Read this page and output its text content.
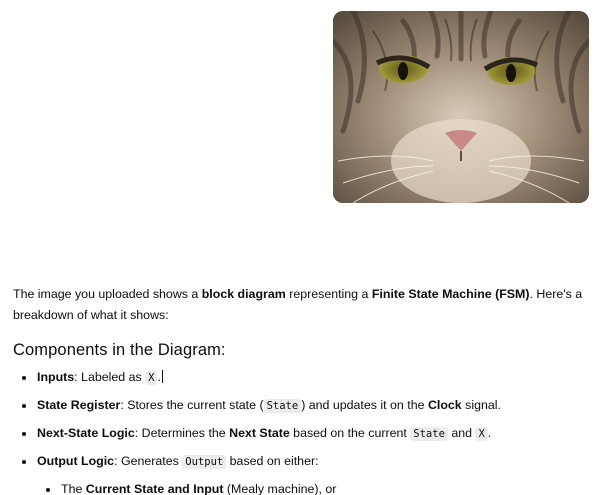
The image you uploaded shows a block diagram representing a Finite State Machine (FSM). Here's a breakdown of what it shows:

Components in the Diagram:
Inputs: Labeled as X .
State Register: Stores the current state ( State ) and updates it on the Clock signal.
Next-State Logic: Determines the Next State based on the current State and X .
Output Logic: Generates Output based on either:
The Current State and Input (Mealy machine), or
